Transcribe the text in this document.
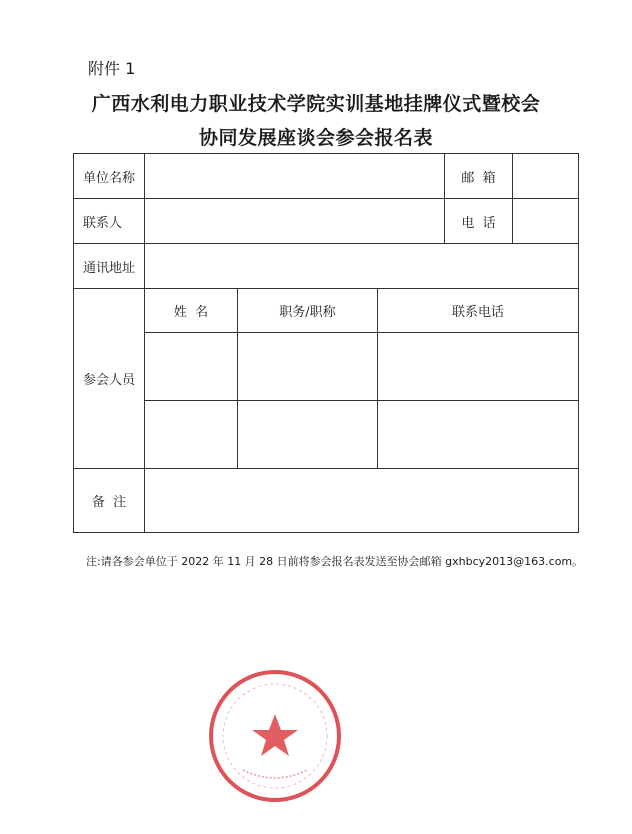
附件 1
广西水利电力职业技术学院实训基地挂牌仪式暨校会
协同发展座谈会参会报名表
单位名称				邮  箱

联系人				电  话

通讯地址				
参会人员	姓  名	职务/职称	联系电话	

备  注				
注:请各参会单位于 2022 年 11 月 28 日前将参会报名表发送至协会邮箱 gxhbcy2013@163.com。
